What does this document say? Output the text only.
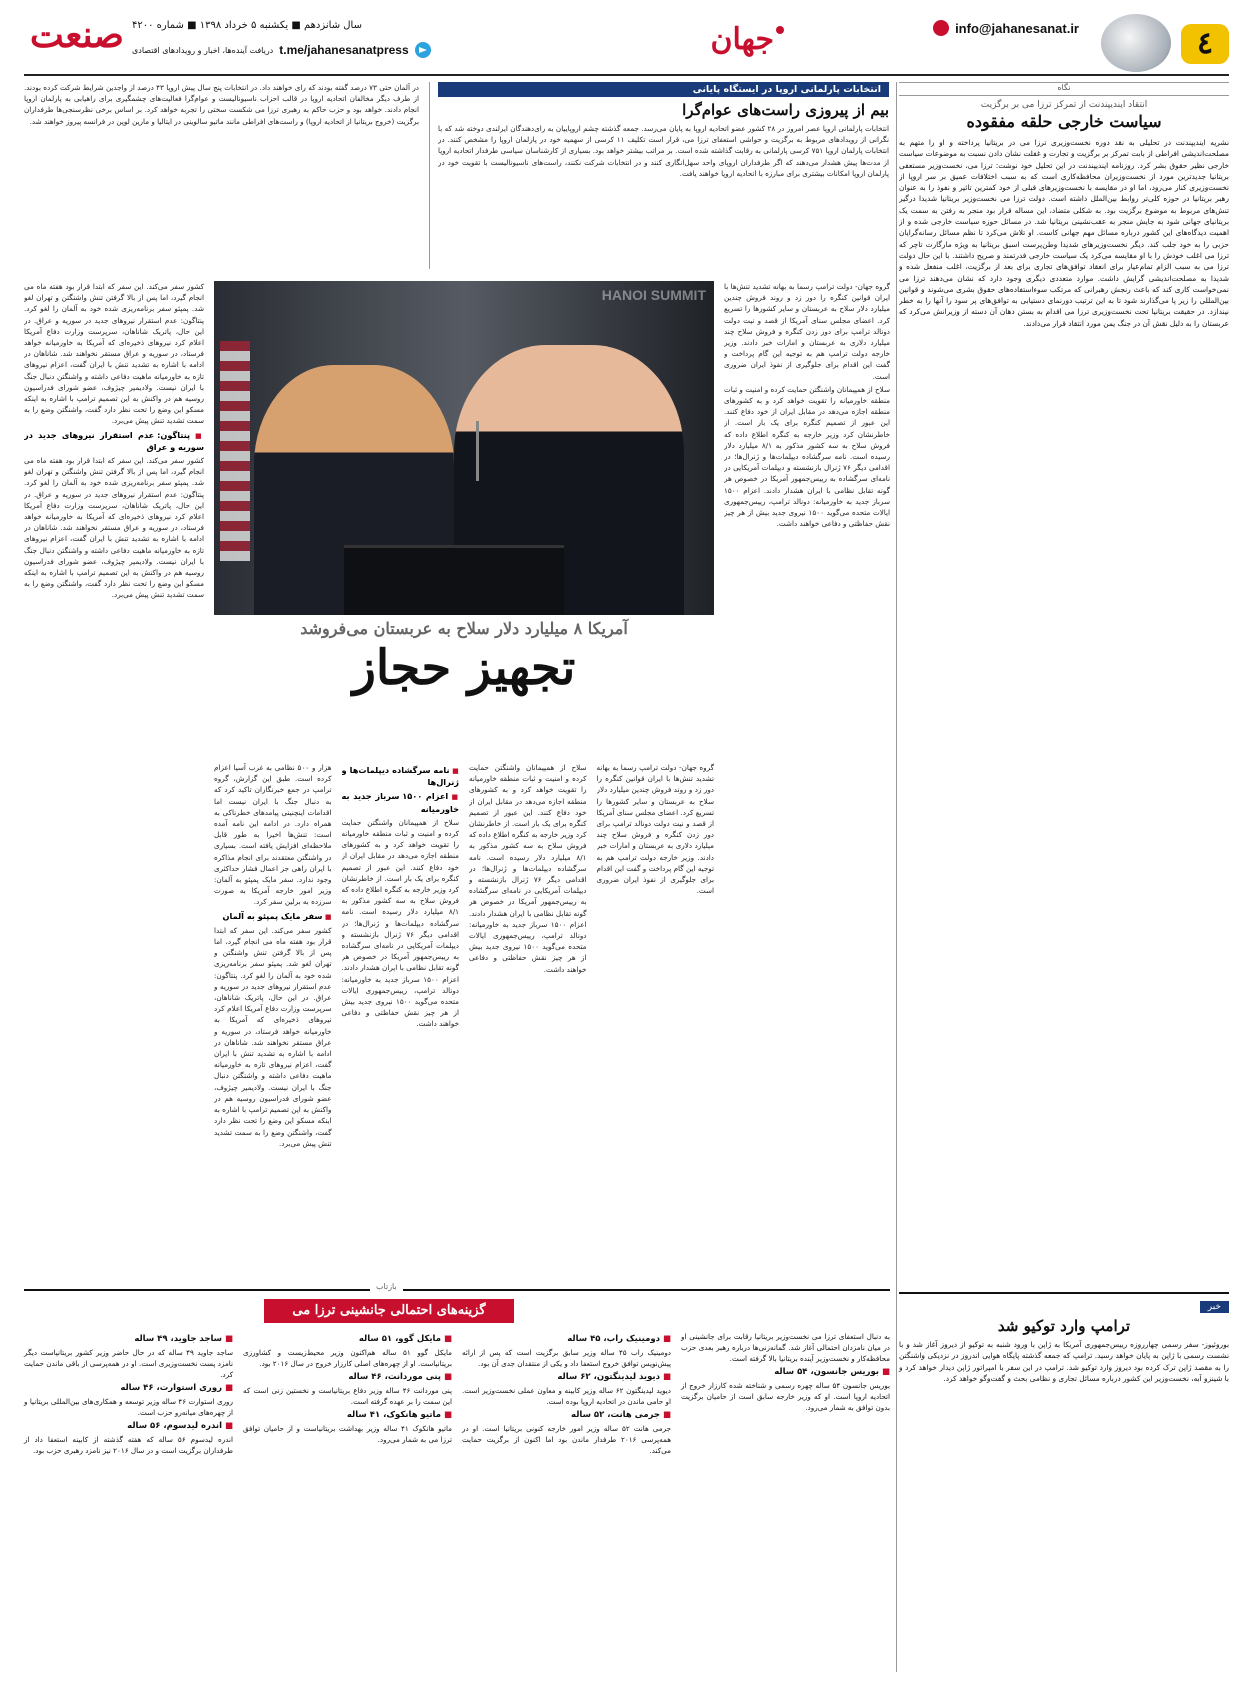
٤
info@jahanesanat.ir
جهان
صنعت سال شانزدهم ■ یکشنبه ۵ خرداد ۱۳۹۸ ■ شماره ۴۲۰۰
t.me/jahanesanatpress
دریافت آینده‌ها، اخبار و رویدادهای اقتصادی
نگاه
انتقاد ایندیپندنت از تمرکز ترزا می بر برگزیت
سیاست خارجی حلقه مفقوده
نشریه ایندیپندنت در تحلیلی به نقد دوره نخست‌وزیری ترزا می در بریتانیا پرداخته و او را متهم به مصلحت‌اندیشی افراطی از بابت تمرکز بر برگزیت و تجارت و غفلت نشان دادن نسبت به موضوعات سیاست خارجی نظیر حقوق بشر کرد. روزنامه ایندیپندنت در این تحلیل خود نوشت: ترزا می، نخست‌وزیر مستعفی بریتانیا جدیدترین مورد از نخست‌وزیران محافظه‌کاری است که به سبب اختلافات عمیق بر سر اروپا از نخست‌وزیری کنار می‌رود، اما او در مقایسه با نخست‌وزیرهای قبلی از خود کمترین تاثیر و نفوذ را به عنوان رهبر بریتانیا در حوزه کلی‌تر روابط بین‌الملل داشته است. دولت ترزا می نخست‌وزیر بریتانیا شدیدا درگیر تنش‌های مربوط به موضوع برگزیت بود. به شکلی متضاد، این مساله قرار بود منجر به رفتن به سمت یک بریتانیای جهانی شود به جایش منجر به عقب‌نشینی بریتانیا شد. در مسائل حوزه سیاست خارجی شده و از اهمیت دیدگاه‌های این کشور درباره مسائل مهم جهانی کاست. او تلاش می‌کرد تا نظم مسائل رسانه‌گرایان حزبی را به خود جلب کند. دیگر نخست‌وزیرهای شدیدا وطن‌پرست اسبق بریتانیا به ویژه مارگارت تاچر که ترزا می اغلب خودش را با او مقایسه می‌کرد یک سیاست خارجی قدرتمند و صریح داشتند. با این حال دولت ترزا می به سبب الزام تمام‌عیار برای انعقاد توافق‌های تجاری برای بعد از برگزیت، اغلب منفعل شده و شدیدا به مصلحت‌اندیشی گرایش داشت. موارد متعددی دیگری وجود دارد که نشان می‌دهند ترزا می نمی‌خواست کاری کند که باعث رنجش رهبرانی که مرتکب سوءاستفاده‌های حقوق بشری می‌شوند و قوانین بین‌المللی را زیر پا می‌گذارند شود تا به این ترتیب دورنمای دستیابی به توافق‌های پر سود را آنها را به خطر نیندازد. در حقیقت بریتانیا تحت نخست‌وزیری ترزا می اقدام به بستن دهان آن دسته از وزیرانش می‌کرد که عربستان را به دلیل نقش آن در جنگ یمن مورد انتقاد قرار می‌دادند.
خبر
ترامپ وارد توکیو شد
بوروئیوز- سفر رسمی چهارروزه رییس‌جمهوری آمریکا به ژاپن با ورود شنبه به توکیو از دیروز آغاز شد و با نشست رسمی با ژاپن به پایان خواهد رسید. ترامپ که جمعه گذشته پایگاه هوایی اندروز در نزدیکی واشنگتن را به مقصد ژاپن ترک کرده بود دیروز وارد توکیو شد. ترامپ در این سفر با امپراتور ژاپن دیدار خواهد کرد و با شینزو آبه، نخست‌وزیر این کشور درباره مسائل تجاری و نظامی بحث و گفت‌وگو خواهد کرد.
انتخابات پارلمانی اروپا در ایستگاه پایانی
بیم از پیروزی راست‌های عوام‌گرا
انتخابات پارلمانی اروپا عصر امروز در ۲۸ کشور عضو اتحادیه اروپا به پایان می‌رسد. جمعه گذشته چشم اروپاییان به رای‌دهندگان ایرلندی دوخته شد که با نگرانی از رویدادهای مربوط به برگزیت و حواشی استعفای ترزا می، قرار است تکلیف ۱۱ کرسی از سهمیه خود در پارلمان اروپا را مشخص کنند. در انتخابات پارلمان اروپا ۷۵۱ کرسی پارلمانی به رقابت گذاشته شده است. بر مراتب بیشتر خواهد بود. بسیاری از کارشناسان سیاسی طرفدار اتحادیه اروپا از مدت‌ها پیش هشدار می‌دهند که اگر طرفداران اروپای واحد سهل‌انگاری کنند و در انتخابات شرکت نکنند، راست‌های ناسیونالیست با تقویت خود در پارلمان اروپا امکانات بیشتری برای مبارزه با اتحادیه اروپا خواهند یافت.
در آلمان حتی ۷۳ درصد گفته بودند که رای خواهند داد. در انتخابات پنج سال پیش اروپا ۴۳ درصد از واجدین شرایط شرکت کرده بودند. از طرف دیگر مخالفان اتحادیه اروپا در قالب احزاب ناسیونالیست و عوام‌گرا فعالیت‌های چشمگیری برای راهیابی به پارلمان اروپا انجام دادند. خواهد بود و حزب حاکم به رهبری ترزا می شکست سختی را تجربه خواهد کرد. بر اساس برخی نظرسنجی‌ها طرفداران برگزیت (خروج بریتانیا از اتحادیه اروپا) و راست‌های افراطی مانند ماتیو سالوینی در ایتالیا و مارین لوپن در فرانسه پیروز خواهند شد.

کشور سفر می‌کند. این سفر که ابتدا قرار بود هفته ماه می انجام گیرد، اما پس از بالا گرفتن تنش واشنگتن و تهران لغو شد. پمپئو سفر برنامه‌ریزی شده خود به آلمان را لغو کرد. پنتاگون: عدم استقرار نیروهای جدید در سوریه و عراق. در این حال، پاتریک شاناهان، سرپرست وزارت دفاع آمریکا اعلام کرد نیروهای ذخیره‌ای که آمریکا به خاورمیانه خواهد فرستاد، در سوریه و عراق مستقر نخواهند شد. شاناهان در ادامه با اشاره به تشدید تنش با ایران گفت، اعزام نیروهای تازه به خاورمیانه ماهیت دفاعی داشته و واشنگتن دنبال جنگ با ایران نیست. ولادیمیر چیژوف، عضو شورای فدراسیون روسیه هم در واکنش به این تصمیم ترامپ با اشاره به اینکه مسکو این وضع را تحت نظر دارد گفت، واشنگتن وضع را به سمت تشدید تنش پیش می‌برد.

■ پنتاگون: عدم استقرار نیروهای جدید در سوریه و عراق

کشور سفر می‌کند. این سفر که ابتدا قرار بود هفته ماه می انجام گیرد، اما پس از بالا گرفتن تنش واشنگتن و تهران لغو شد. پمپئو سفر برنامه‌ریزی شده خود به آلمان را لغو کرد. پنتاگون: عدم استقرار نیروهای جدید در سوریه و عراق. در این حال، پاتریک شاناهان، سرپرست وزارت دفاع آمریکا اعلام کرد نیروهای ذخیره‌ای که آمریکا به خاورمیانه خواهد فرستاد، در سوریه و عراق مستقر نخواهند شد. شاناهان در ادامه با اشاره به تشدید تنش با ایران گفت، اعزام نیروهای تازه به خاورمیانه ماهیت دفاعی داشته و واشنگتن دنبال جنگ با ایران نیست. ولادیمیر چیژوف، عضو شورای فدراسیون روسیه هم در واکنش به این تصمیم ترامپ با اشاره به اینکه مسکو این وضع را تحت نظر دارد گفت، واشنگتن وضع را به سمت تشدید تنش پیش می‌برد.

HANOI SUMMIT

گروه جهان- دولت ترامپ رسما به بهانه تشدید تنش‌ها با ایران قوانین کنگره را دور زد و روند فروش چندین میلیارد دلار سلاح به عربستان و سایر کشورها را تسریع کرد. اعضای مجلس سنای آمریکا از قصد و نیت دولت دونالد ترامپ برای دور زدن کنگره و فروش سلاح چند میلیارد دلاری به عربستان و امارات خبر دادند. وزیر خارجه دولت ترامپ هم به توجیه این گام پرداخت و گفت این اقدام برای جلوگیری از نفوذ ایران ضروری است.

سلاح از همپیمانان واشنگتن حمایت کرده و امنیت و ثبات منطقه خاورمیانه را تقویت خواهد کرد و به کشورهای منطقه اجازه می‌دهد در مقابل ایران از خود دفاع کنند. این عبور از تصمیم کنگره برای یک بار است. از خاطرنشان کرد وزیر خارجه به کنگره اطلاع داده که فروش سلاح به سه کشور مذکور به ۸/۱ میلیارد دلار رسیده است. نامه سرگشاده دیپلمات‌ها و ژنرال‌ها؛ در اقدامی دیگر ۷۶ ژنرال بازنشسته و دیپلمات آمریکایی در نامه‌ای سرگشاده به رییس‌جمهور آمریکا در خصوص هر گونه تقابل نظامی با ایران هشدار دادند. اعزام ۱۵۰۰ سرباز جدید به خاورمیانه: دونالد ترامپ، رییس‌جمهوری ایالات متحده می‌گوید ۱۵۰۰ نیروی جدید بیش از هر چیز نقش حفاظتی و دفاعی خواهند داشت.

آمریکا ۸ میلیارد دلار سلاح به عربستان می‌فروشد
تجهیز حجاز

گروه جهان- دولت ترامپ رسما به بهانه تشدید تنش‌ها با ایران قوانین کنگره را دور زد و روند فروش چندین میلیارد دلار سلاح به عربستان و سایر کشورها را تسریع کرد. اعضای مجلس سنای آمریکا از قصد و نیت دولت دونالد ترامپ برای دور زدن کنگره و فروش سلاح چند میلیارد دلاری به عربستان و امارات خبر دادند. وزیر خارجه دولت ترامپ هم به توجیه این گام پرداخت و گفت این اقدام برای جلوگیری از نفوذ ایران ضروری است.

سلاح از همپیمانان واشنگتن حمایت کرده و امنیت و ثبات منطقه خاورمیانه را تقویت خواهد کرد و به کشورهای منطقه اجازه می‌دهد در مقابل ایران از خود دفاع کنند. این عبور از تصمیم کنگره برای یک بار است. از خاطرنشان کرد وزیر خارجه به کنگره اطلاع داده که فروش سلاح به سه کشور مذکور به ۸/۱ میلیارد دلار رسیده است. نامه سرگشاده دیپلمات‌ها و ژنرال‌ها؛ در اقدامی دیگر ۷۶ ژنرال بازنشسته و دیپلمات آمریکایی در نامه‌ای سرگشاده به رییس‌جمهور آمریکا در خصوص هر گونه تقابل نظامی با ایران هشدار دادند. اعزام ۱۵۰۰ سرباز جدید به خاورمیانه: دونالد ترامپ، رییس‌جمهوری ایالات متحده می‌گوید ۱۵۰۰ نیروی جدید بیش از هر چیز نقش حفاظتی و دفاعی خواهند داشت.

■ نامه سرگشاده دیپلمات‌ها و ژنرال‌ها
■ اعزام ۱۵۰۰ سرباز جدید به خاورمیانه

سلاح از همپیمانان واشنگتن حمایت کرده و امنیت و ثبات منطقه خاورمیانه را تقویت خواهد کرد و به کشورهای منطقه اجازه می‌دهد در مقابل ایران از خود دفاع کنند. این عبور از تصمیم کنگره برای یک بار است. از خاطرنشان کرد وزیر خارجه به کنگره اطلاع داده که فروش سلاح به سه کشور مذکور به ۸/۱ میلیارد دلار رسیده است. نامه سرگشاده دیپلمات‌ها و ژنرال‌ها؛ در اقدامی دیگر ۷۶ ژنرال بازنشسته و دیپلمات آمریکایی در نامه‌ای سرگشاده به رییس‌جمهور آمریکا در خصوص هر گونه تقابل نظامی با ایران هشدار دادند. اعزام ۱۵۰۰ سرباز جدید به خاورمیانه: دونالد ترامپ، رییس‌جمهوری ایالات متحده می‌گوید ۱۵۰۰ نیروی جدید بیش از هر چیز نقش حفاظتی و دفاعی خواهند داشت.

هزار و ۵۰۰ نظامی به غرب آسیا اعزام کرده است. طبق این گزارش، گروه ترامپ در جمع خبرنگاران تاکید کرد که به دنبال جنگ با ایران نیست اما اقدامات اینچنینی پیامدهای خطرناکی به همراه دارد. در ادامه این نامه آمده است: تنش‌ها اخیرا به طور قابل ملاحظه‌ای افزایش یافته است. بسیاری در واشنگتن معتقدند برای انجام مذاکره با ایران راهی جز اعمال فشار حداکثری وجود ندارد. سفر مایک پمپئو به آلمان: وزیر امور خارجه آمریکا به صورت سرزده به برلین سفر کرد.

■ سفر مایک پمپئو به آلمان

کشور سفر می‌کند. این سفر که ابتدا قرار بود هفته ماه می انجام گیرد، اما پس از بالا گرفتن تنش واشنگتن و تهران لغو شد. پمپئو سفر برنامه‌ریزی شده خود به آلمان را لغو کرد. پنتاگون: عدم استقرار نیروهای جدید در سوریه و عراق. در این حال، پاتریک شاناهان، سرپرست وزارت دفاع آمریکا اعلام کرد نیروهای ذخیره‌ای که آمریکا به خاورمیانه خواهد فرستاد، در سوریه و عراق مستقر نخواهند شد. شاناهان در ادامه با اشاره به تشدید تنش با ایران گفت، اعزام نیروهای تازه به خاورمیانه ماهیت دفاعی داشته و واشنگتن دنبال جنگ با ایران نیست. ولادیمیر چیژوف، عضو شورای فدراسیون روسیه هم در واکنش به این تصمیم ترامپ با اشاره به اینکه مسکو این وضع را تحت نظر دارد گفت، واشنگتن وضع را به سمت تشدید تنش پیش می‌برد.

بازتاب
گزینه‌های احتمالی جانشینی ترزا می

به دنبال استعفای ترزا می نخست‌وزیر بریتانیا رقابت برای جانشینی او در میان نامزدان احتمالی آغاز شد. گمانه‌زنی‌ها درباره رهبر بعدی حزب محافظه‌کار و نخست‌وزیر آینده بریتانیا بالا گرفته است.

■ بوریس جانسون، ۵۴ ساله

بوریس جانسون ۵۴ ساله چهره رسمی و شناخته شده کارزار خروج از اتحادیه اروپا است. او که وزیر خارجه سابق است از حامیان برگزیت بدون توافق به شمار می‌رود.

■ دومینیک راب، ۴۵ ساله

دومینیک راب ۴۵ ساله وزیر سابق برگزیت است که پس از ارائه پیش‌نویس توافق خروج استعفا داد و یکی از منتقدان جدی آن بود.

■ دیوید لیدینگتون، ۶۲ ساله

دیوید لیدینگتون ۶۲ ساله وزیر کابینه و معاون عملی نخست‌وزیر است. او حامی ماندن در اتحادیه اروپا بوده است.

■ جرمی هانت، ۵۲ ساله

جرمی هانت ۵۲ ساله وزیر امور خارجه کنونی بریتانیا است. او در همه‌پرسی ۲۰۱۶ طرفدار ماندن بود اما اکنون از برگزیت حمایت می‌کند.

■ مایکل گوو، ۵۱ ساله

مایکل گوو ۵۱ ساله هم‌اکنون وزیر محیط‌زیست و کشاورزی بریتانیاست. او از چهره‌های اصلی کارزار خروج در سال ۲۰۱۶ بود.

■ پنی موردانت، ۴۶ ساله

پنی موردانت ۴۶ ساله وزیر دفاع بریتانیاست و نخستین زنی است که این سمت را بر عهده گرفته است.

■ ماتیو هانکوک، ۴۱ ساله

ماتیو هانکوک ۴۱ ساله وزیر بهداشت بریتانیاست و از حامیان توافق ترزا می به شمار می‌رود.

■ ساجد جاوید، ۴۹ ساله

ساجد جاوید ۴۹ ساله که در حال حاضر وزیر کشور بریتانیاست دیگر نامزد پست نخست‌وزیری است. او در همه‌پرسی از باقی ماندن حمایت کرد.

■ روری استوارت، ۴۶ ساله

روری استوارت ۴۶ ساله وزیر توسعه و همکاری‌های بین‌المللی بریتانیا و از چهره‌های میانه‌رو حزب است.

■ اندره لیدسوم، ۵۶ ساله

اندره لیدسوم ۵۶ ساله که هفته گذشته از کابینه استعفا داد از طرفداران برگزیت است و در سال ۲۰۱۶ نیز نامزد رهبری حزب بود.
